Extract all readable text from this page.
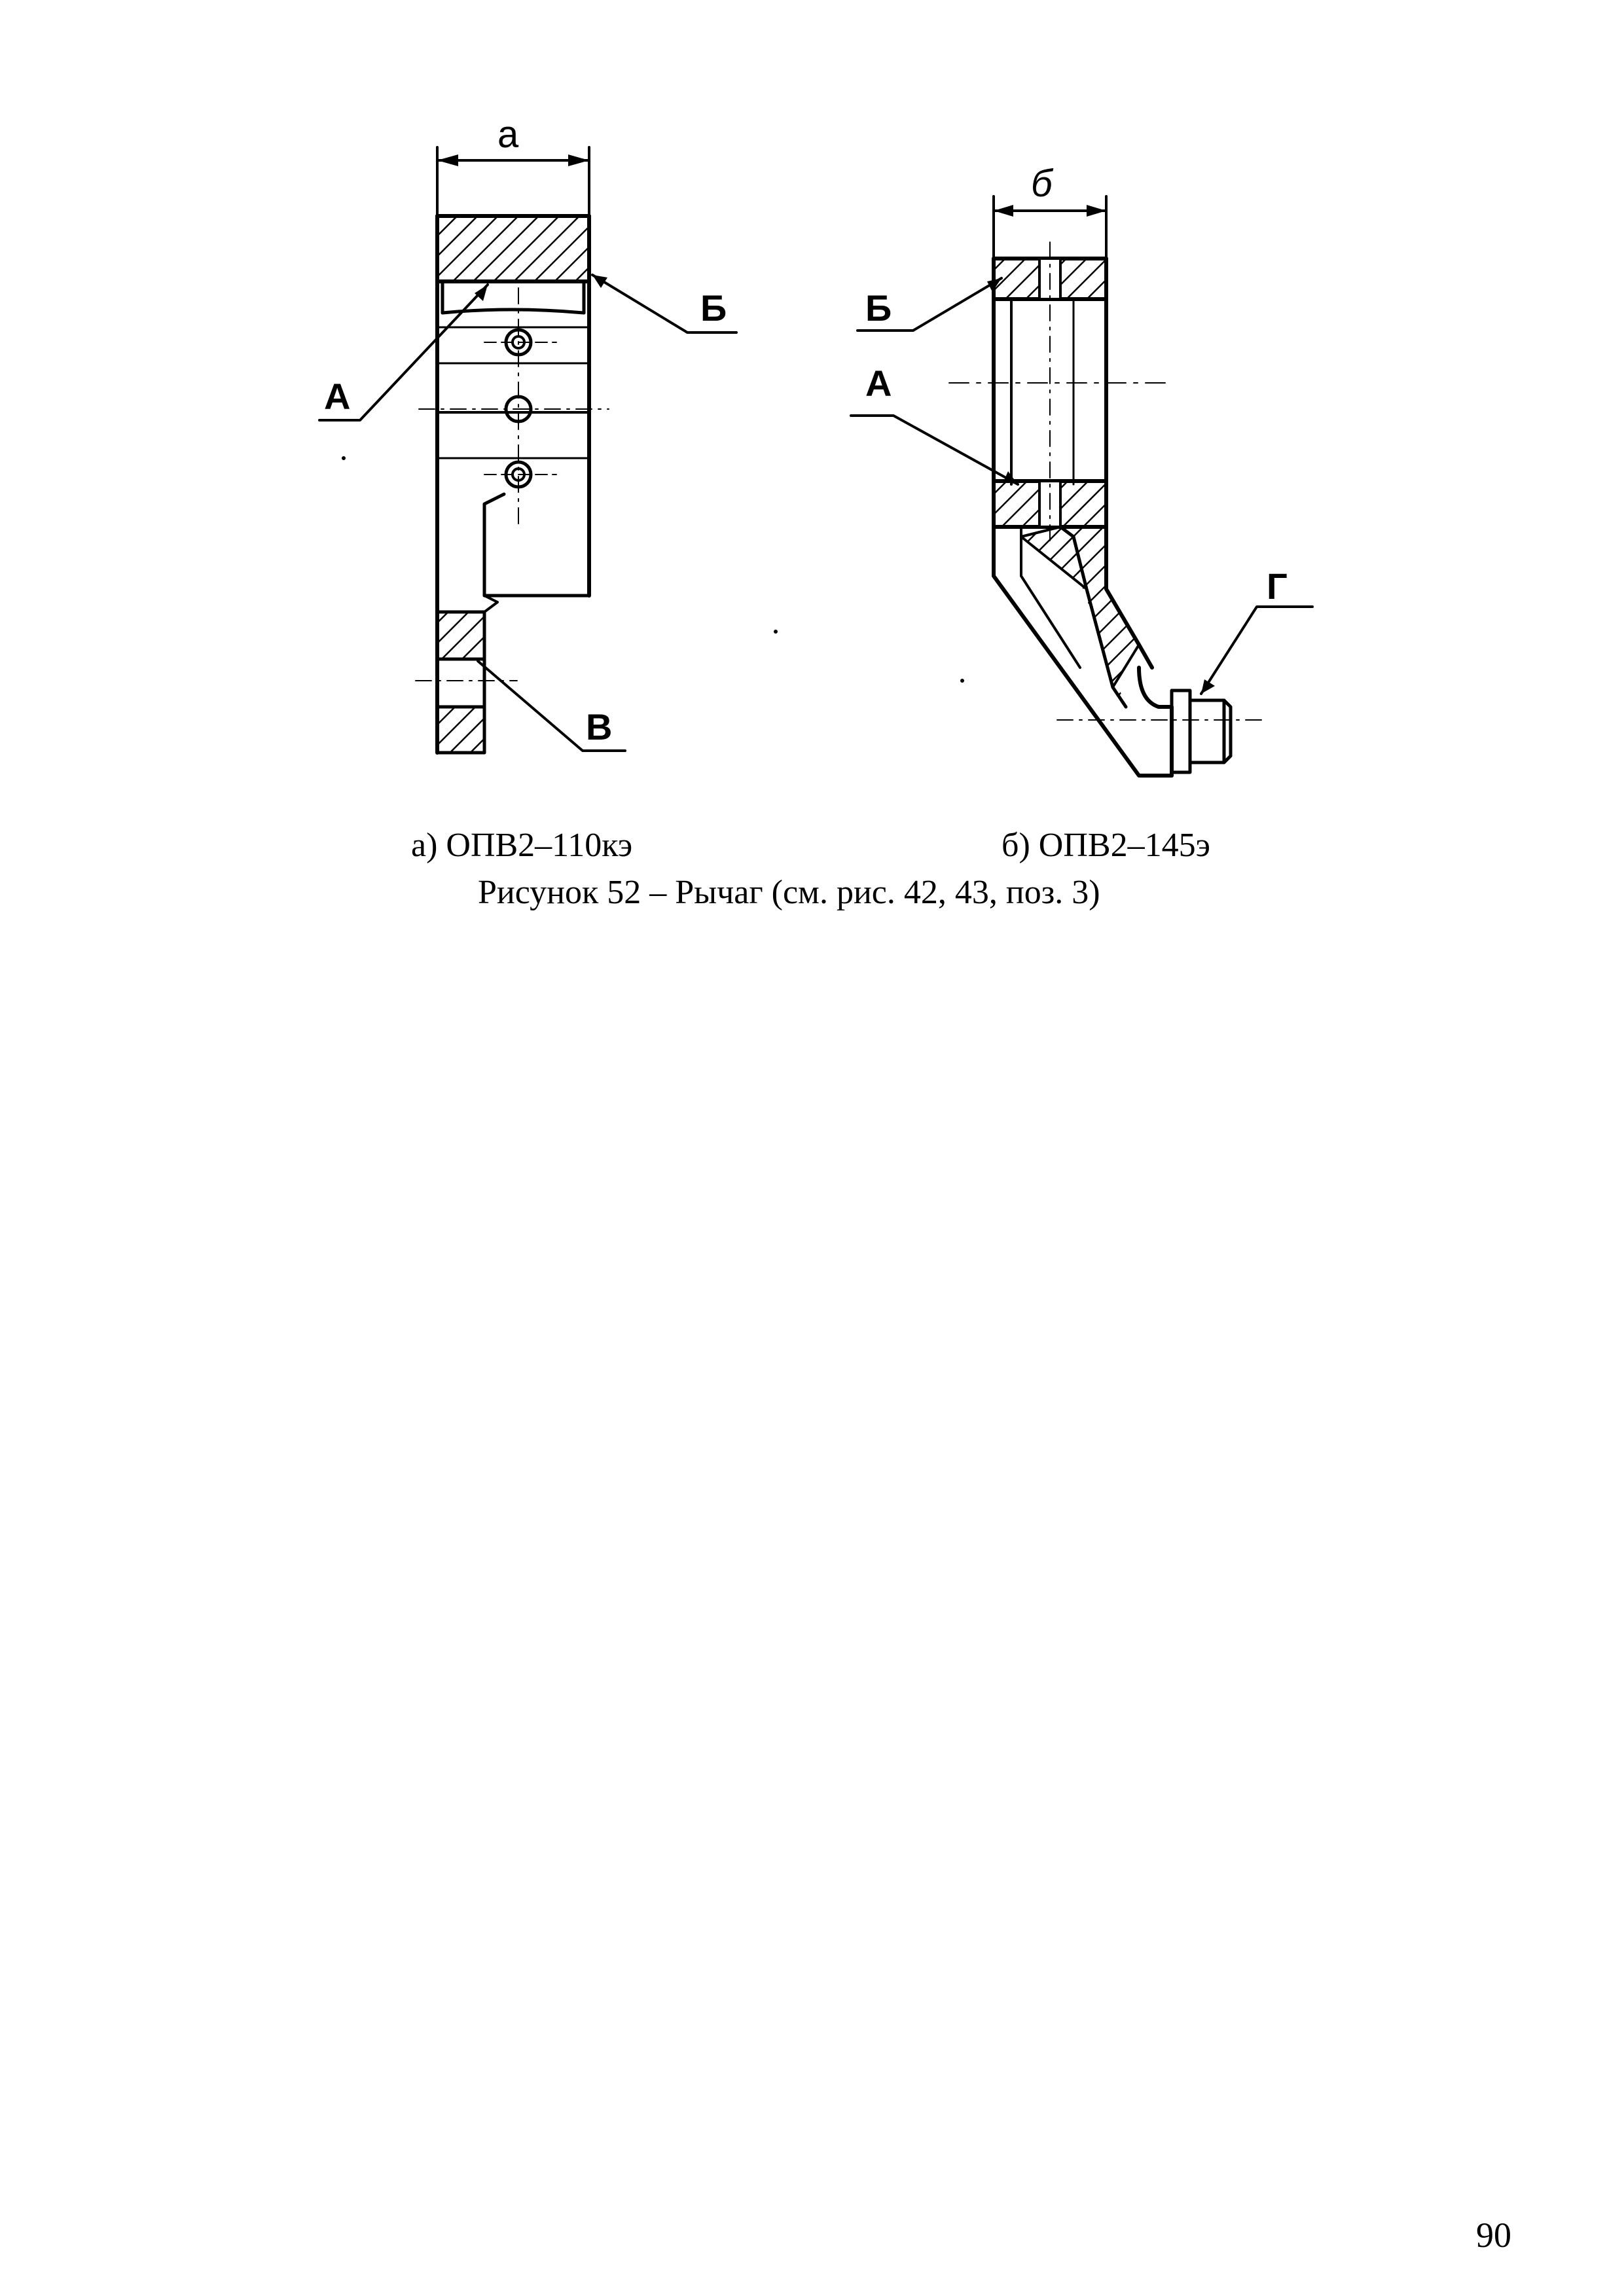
а
А
Б
В
б
Б
А
Г
а) ОПВ2–110кэ	б) ОПВ2–145э
Рисунок 52 – Рычаг (см. рис. 42, 43, поз. 3)
90
